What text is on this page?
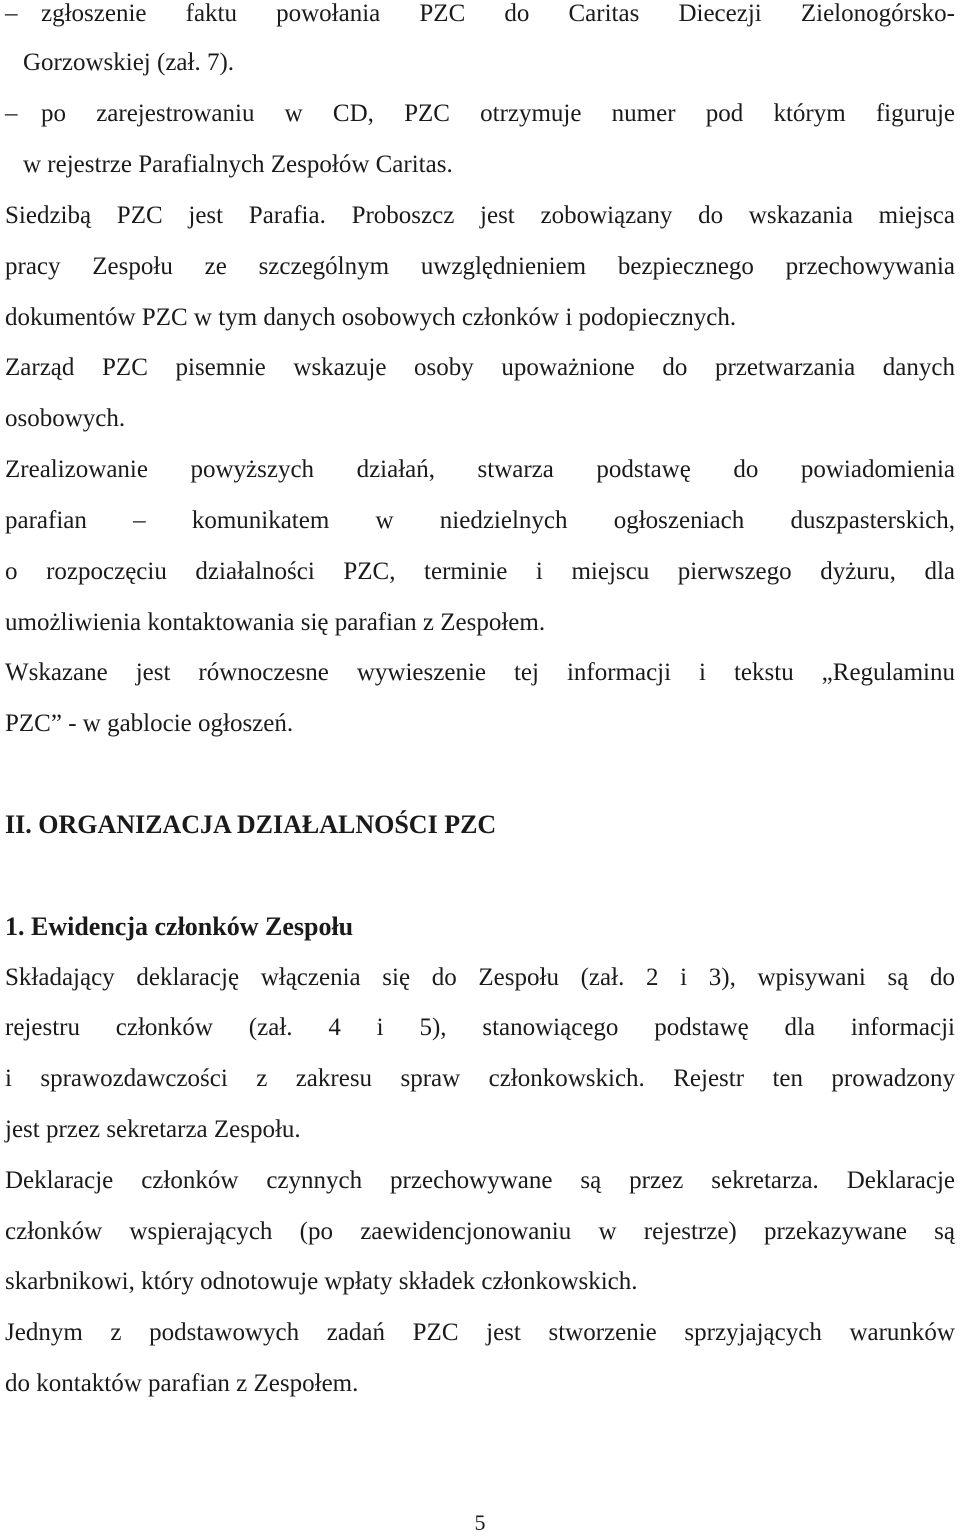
– zgłoszenie faktu powołania PZC do Caritas Diecezji Zielonogórsko-
Gorzowskiej (zał. 7).
– po zarejestrowaniu w CD, PZC otrzymuje numer pod którym figuruje
w rejestrze Parafialnych Zespołów Caritas.
Siedzibą PZC jest Parafia. Proboszcz jest zobowiązany do wskazania miejsca
pracy Zespołu ze szczególnym uwzględnieniem bezpiecznego przechowywania
dokumentów PZC w tym danych osobowych członków i podopiecznych.
Zarząd PZC pisemnie wskazuje osoby upoważnione do przetwarzania danych
osobowych.
Zrealizowanie powyższych działań, stwarza podstawę do powiadomienia
parafian – komunikatem w niedzielnych ogłoszeniach duszpasterskich,
o rozpoczęciu działalności PZC, terminie i miejscu pierwszego dyżuru, dla
umożliwienia kontaktowania się parafian z Zespołem.
Wskazane jest równoczesne wywieszenie tej informacji i tekstu „Regulaminu
PZC” - w gablocie ogłoszeń.
II. ORGANIZACJA DZIAŁALNOŚCI PZC
1. Ewidencja członków Zespołu
Składający deklarację włączenia się do Zespołu (zał. 2 i 3), wpisywani są do
rejestru członków (zał. 4 i 5), stanowiącego podstawę dla informacji
i sprawozdawczości z zakresu spraw członkowskich. Rejestr ten prowadzony
jest przez sekretarza Zespołu.
Deklaracje członków czynnych przechowywane są przez sekretarza. Deklaracje
członków wspierających (po zaewidencjonowaniu w rejestrze) przekazywane są
skarbnikowi, który odnotowuje wpłaty składek członkowskich.
Jednym z podstawowych zadań PZC jest stworzenie sprzyjających warunków
do kontaktów parafian z Zespołem.
5
